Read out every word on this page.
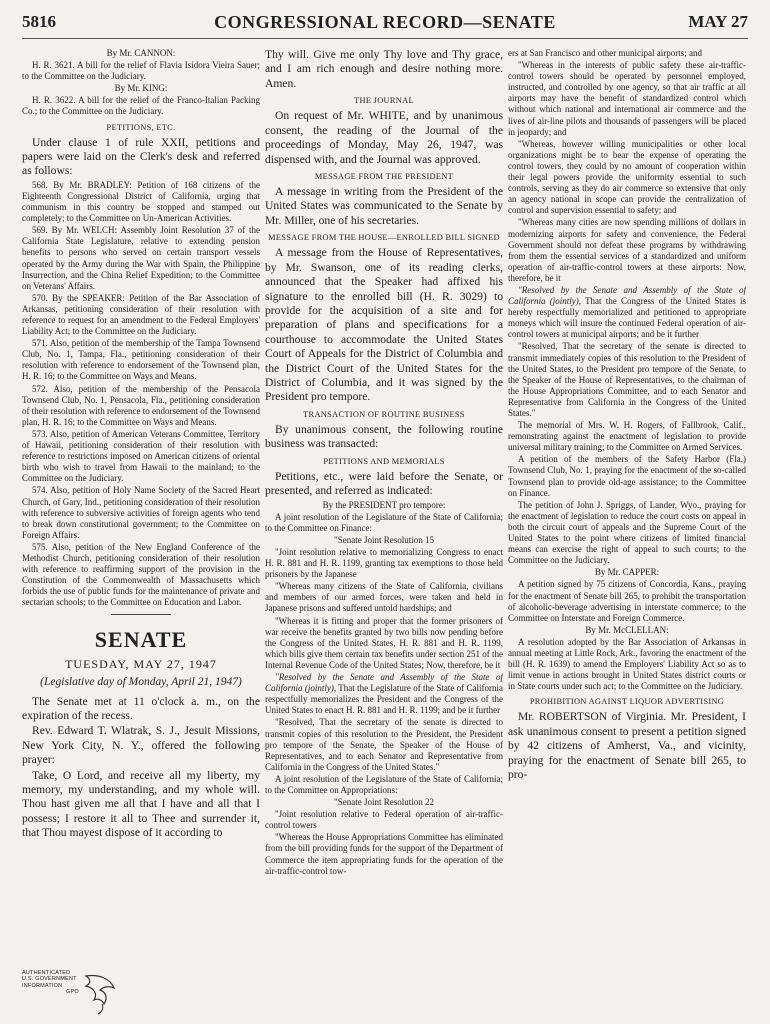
5816	CONGRESSIONAL RECORD—SENATE	MAY 27

By Mr. CANNON:

H. R. 3621. A bill for the relief of Flavia Isidora Vieira Sauer; to the Committee on the Judiciary.

By Mr. KING:

H. R. 3622. A bill for the relief of the Franco-Italian Packing Co.; to the Committee on the Judiciary.

PETITIONS, ETC.

Under clause 1 of rule XXII, petitions and papers were laid on the Clerk's desk and referred as follows:

568. By Mr. BRADLEY: Petition of 168 citizens of the Eighteenth Congressional District of California, urging that communism in this country be stopped and stamped out completely; to the Committee on Un-American Activities.

569. By Mr. WELCH: Assembly Joint Resolution 37 of the California State Legislature, relative to extending pension benefits to persons who served on certain transport vessels operated by the Army during the War with Spain, the Philippine Insurrection, and the China Relief Expedition; to the Committee on Veterans' Affairs.

570. By the SPEAKER: Petition of the Bar Association of Arkansas, petitioning consideration of their resolution with reference to request for an amendment to the Federal Employers' Liability Act; to the Committee on the Judiciary.

571. Also, petition of the membership of the Tampa Townsend Club, No. 1, Tampa, Fla., petitioning consideration of their resolution with reference to endorsement of the Townsend plan, H. R. 16; to the Committee on Ways and Means.

572. Also, petition of the membership of the Pensacola Townsend Club, No. 1, Pensacola, Fla., petitioning consideration of their resolution with reference to endorsement of the Townsend plan, H. R. 16; to the Committee on Ways and Means.

573. Also, petition of American Veterans Committee, Territory of Hawaii, petitioning consideration of their resolution with reference to restrictions imposed on American citizens of oriental birth who wish to travel from Hawaii to the mainland; to the Committee on the Judiciary.

574. Also, petition of Holy Name Society of the Sacred Heart Church, of Gary, Ind., petitioning consideration of their resolution with reference to subversive activities of foreign agents who tend to break down constitutional government; to the Committee on Foreign Affairs.

575. Also, petition of the New England Conference of the Methodist Church, petitioning consideration of their resolution with reference to reaffirming support of the provision in the Constitution of the Commonwealth of Massachusetts which forbids the use of public funds for the maintenance of private and sectarian schools; to the Committee on Education and Labor.

SENATE
TUESDAY, MAY 27, 1947
(Legislative day of Monday, April 21, 1947)

The Senate met at 11 o'clock a. m., on the expiration of the recess.

Rev. Edward T. Wlatrak, S. J., Jesuit Missions, New York City, N. Y., offered the following prayer:

Take, O Lord, and receive all my liberty, my memory, my understanding, and my whole will. Thou hast given me all that I have and all that I possess; I restore it all to Thee and surrender it, that Thou mayest dispose of it according to

Thy will. Give me only Thy love and Thy grace, and I am rich enough and desire nothing more. Amen.

THE JOURNAL

On request of Mr. WHITE, and by unanimous consent, the reading of the Journal of the proceedings of Monday, May 26, 1947, was dispensed with, and the Journal was approved.

MESSAGE FROM THE PRESIDENT

A message in writing from the President of the United States was communicated to the Senate by Mr. Miller, one of his secretaries.

MESSAGE FROM THE HOUSE—ENROLLED BILL SIGNED

A message from the House of Representatives, by Mr. Swanson, one of its reading clerks, announced that the Speaker had affixed his signature to the enrolled bill (H. R. 3029) to provide for the acquisition of a site and for preparation of plans and specifications for a courthouse to accommodate the United States Court of Appeals for the District of Columbia and the District Court of the United States for the District of Columbia, and it was signed by the President pro tempore.

TRANSACTION OF ROUTINE BUSINESS

By unanimous consent, the following routine business was transacted:

PETITIONS AND MEMORIALS

Petitions, etc., were laid before the Senate, or presented, and referred as indicated:

By the PRESIDENT pro tempore:

A joint resolution of the Legislature of the State of California; to the Committee on Finance:

"Senate Joint Resolution 15

"Joint resolution relative to memorializing Congress to enact H. R. 881 and H. R. 1199, granting tax exemptions to those held prisoners by the Japanese

"Whereas many citizens of the State of California, civilians and members of our armed forces, were taken and held in Japanese prisons and suffered untold hardships; and

"Whereas it is fitting and proper that the former prisoners of war receive the benefits granted by two bills now pending before the Congress of the United States, H. R. 881 and H. R. 1199, which bills give them certain tax benefits under section 251 of the Internal Revenue Code of the United States; Now, therefore, be it

"Resolved by the Senate and Assembly of the State of California (jointly), That the Legislature of the State of California respectfully memorializes the President and the Congress of the United States to enact H. R. 881 and H. R. 1199; and be it further

"Resolved, That the secretary of the senate is directed to transmit copies of this resolution to the President, the President pro tempore of the Senate, the Speaker of the House of Representatives, and to each Senator and Representative from California in the Congress of the United States."

A joint resolution of the Legislature of the State of California; to the Committee on Appropriations:

"Senate Joint Resolution 22

"Joint resolution relative to Federal operation of air-traffic-control towers

"Whereas the House Appropriations Committee has eliminated from the bill providing funds for the support of the Department of Commerce the item appropriating funds for the operation of the air-traffic-control tow-

ers at San Francisco and other municipal airports; and

"Whereas in the interests of public safety these air-traffic-control towers should be operated by personnel employed, instructed, and controlled by one agency, so that air traffic at all airports may have the benefit of standardized control which without which national and international air commerce and the lives of air-line pilots and thousands of passengers will be placed in jeopardy; and

"Whereas, however willing municipalities or other local organizations might be to bear the expense of operating the control towers, they could by no amount of cooperation within their legal powers provide the uniformity essential to such controls, serving as they do air commerce so extensive that only an agency national in scope can provide the centralization of control and supervision essential to safety; and

"Whereas many cities are now spending millions of dollars in modernizing airports for safety and convenience, the Federal Government should not defeat these programs by withdrawing from them the essential services of a standardized and uniform operation of air-traffic-control towers at these airports: Now, therefore, be it

"Resolved by the Senate and Assembly of the State of California (jointly), That the Congress of the United States is hereby respectfully memorialized and petitioned to appropriate moneys which will insure the continued Federal operation of air-control towers at municipal airports; and be it further

"Resolved, That the secretary of the senate is directed to transmit immediately copies of this resolution to the President of the United States, to the President pro tempore of the Senate, to the Speaker of the House of Representatives, to the chairman of the House Appropriations Committee, and to each Senator and Representative from California in the Congress of the United States."

The memorial of Mrs. W. H. Rogers, of Fallbrook, Calif., remonstrating against the enactment of legislation to provide universal military training; to the Committee on Armed Services.

A petition of the members of the Safety Harbor (Fla.) Townsend Club, No. 1, praying for the enactment of the so-called Townsend plan to provide old-age assistance; to the Committee on Finance.

The petition of John J. Spriggs, of Lander, Wyo., praying for the enactment of legislation to reduce the court costs on appeal in both the circuit court of appeals and the Supreme Court of the United States to the point where citizens of limited financial means can exercise the right of appeal to such courts; to the Committee on the Judiciary.

By Mr. CAPPER:

A petition signed by 75 citizens of Concordia, Kans., praying for the enactment of Senate bill 265, to prohibit the transportation of alcoholic-beverage advertising in interstate commerce; to the Committee on Interstate and Foreign Commerce.

By Mr. McCLELLAN:

A resolution adopted by the Bar Association of Arkansas in annual meeting at Little Rock, Ark., favoring the enactment of the bill (H. R. 1639) to amend the Employers' Liability Act so as to limit venue in actions brought in United States district courts or in State courts under such act; to the Committee on the Judiciary.

PROHIBITION AGAINST LIQUOR ADVERTISING

Mr. ROBERTSON of Virginia. Mr. President, I ask unanimous consent to present a petition signed by 42 citizens of Amherst, Va., and vicinity, praying for the enactment of Senate bill 265, to pro-

AUTHENTICATED
U.S. GOVERNMENT
INFORMATION
GPO
